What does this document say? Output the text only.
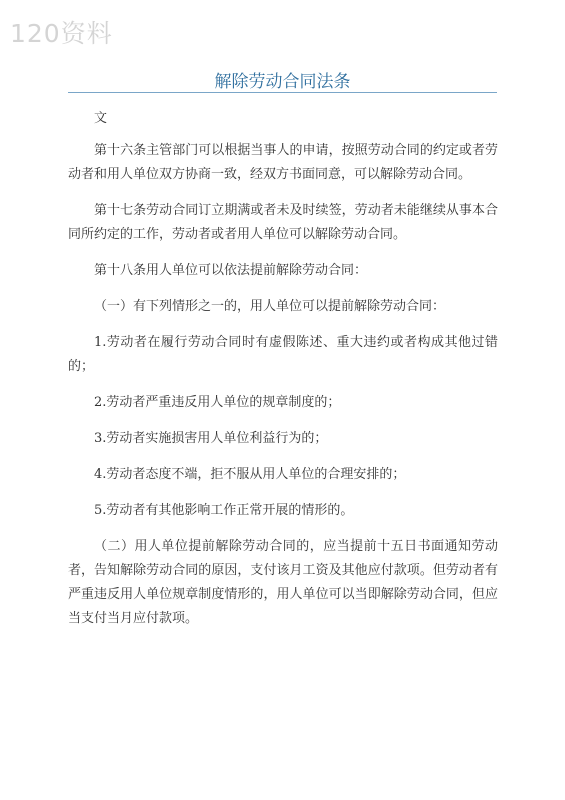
120资料
解除劳动合同法条

文

第十六条主管部门可以根据当事人的申请，按照劳动合同的约定或者劳动者和用人单位双方协商一致，经双方书面同意，可以解除劳动合同。

第十七条劳动合同订立期满或者未及时续签，劳动者未能继续从事本合同所约定的工作，劳动者或者用人单位可以解除劳动合同。

第十八条用人单位可以依法提前解除劳动合同：

（一）有下列情形之一的，用人单位可以提前解除劳动合同：

1.劳动者在履行劳动合同时有虚假陈述、重大违约或者构成其他过错的；

2.劳动者严重违反用人单位的规章制度的；

3.劳动者实施损害用人单位利益行为的；

4.劳动者态度不端，拒不服从用人单位的合理安排的；

5.劳动者有其他影响工作正常开展的情形的。

（二）用人单位提前解除劳动合同的，应当提前十五日书面通知劳动者，告知解除劳动合同的原因，支付该月工资及其他应付款项。但劳动者有严重违反用人单位规章制度情形的，用人单位可以当即解除劳动合同，但应当支付当月应付款项。
